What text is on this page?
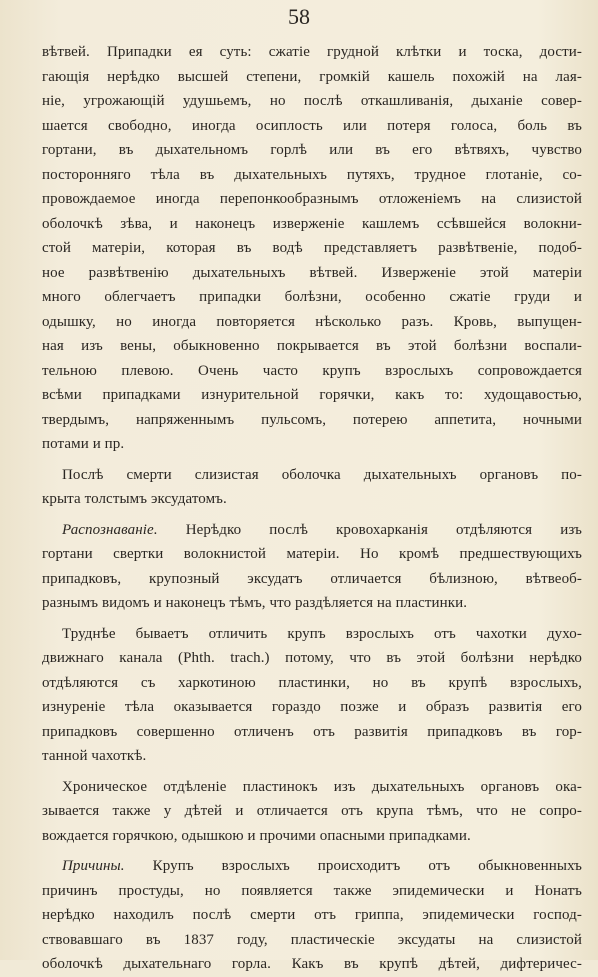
58

вѣтвей. Припадки ея суть: сжатіе грудной клѣтки и тоска, дости-
гающія нерѣдко высшей степени, громкій кашель похожій на лая-
ніе, угрожающій удушьемъ, но послѣ откашливанія, дыханіе совер-
шается свободно, иногда осиплость или потеря голоса, боль въ
гортани, въ дыхательномъ горлѣ или въ его вѣтвяхъ, чувство
посторонняго тѣла въ дыхательныхъ путяхъ, трудное глотаніе, со-
провождаемое иногда перепонкообразнымъ отложеніемъ на слизистой
оболочкѣ зѣва, и наконецъ изверженіе кашлемъ ссѣвшейся волокни-
стой матеріи, которая въ водѣ представляетъ развѣтвеніе, подоб-
ное развѣтвенію дыхательныхъ вѣтвей. Изверженіе этой матеріи
много облегчаетъ припадки болѣзни, особенно сжатіе груди и
одышку, но иногда повторяется нѣсколько разъ. Кровь, выпущен-
ная изъ вены, обыкновенно покрывается въ этой болѣзни воспали-
тельною плевою. Очень часто крупъ взрослыхъ сопровождается
всѣми припадками изнурительной горячки, какъ то: худощавостью,
твердымъ, напряженнымъ пульсомъ, потерею аппетита, ночными
потами и пр.

Послѣ смерти слизистая оболочка дыхательныхъ органовъ по-
крыта толстымъ эксудатомъ.

Распознаваніе. Нерѣдко послѣ кровохарканія отдѣляются изъ
гортани свертки волокнистой матеріи. Но кромѣ предшествующихъ
припадковъ, крупозный эксудатъ отличается бѣлизною, вѣтвеоб-
разнымъ видомъ и наконецъ тѣмъ, что раздѣляется на пластинки.

Труднѣе бываетъ отличить крупъ взрослыхъ отъ чахотки духо-
движнаго канала (Phth. trach.) потому, что въ этой болѣзни нерѣдко
отдѣляются съ харкотиною пластинки, но въ крупѣ взрослыхъ,
изнуреніе тѣла оказывается гораздо позже и образъ развитія его
припадковъ совершенно отличенъ отъ развитія припадковъ въ гор-
танной чахоткѣ.

Хроническое отдѣленіе пластинокъ изъ дыхательныхъ органовъ ока-
зывается также у дѣтей и отличается отъ крупа тѣмъ, что не сопро-
вождается горячкою, одышкою и прочими опасными припадками.

Причины. Крупъ взрослыхъ происходитъ отъ обыкновенныхъ
причинъ простуды, но появляется также эпидемически и Нонатъ
нерѣдко находилъ послѣ смерти отъ гриппа, эпидемически господ-
ствовавшаго въ 1837 году, пластическіе эксудаты на слизистой
оболочкѣ дыхательнаго горла. Какъ въ крупѣ дѣтей, дифтеричес-
